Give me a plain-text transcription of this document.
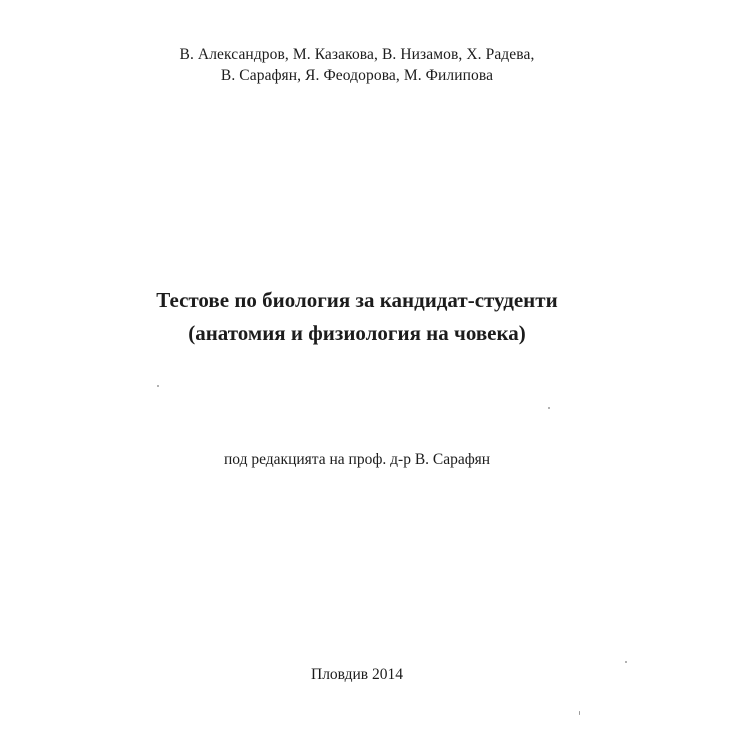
В. Александров, М. Казакова, В. Низамов, Х. Радева,
В. Сарафян, Я. Феодорова, М. Филипова
Тестове по биология за кандидат-студенти
(анатомия и физиология на човека)
под редакцията на проф. д-р В. Сарафян
Пловдив 2014
